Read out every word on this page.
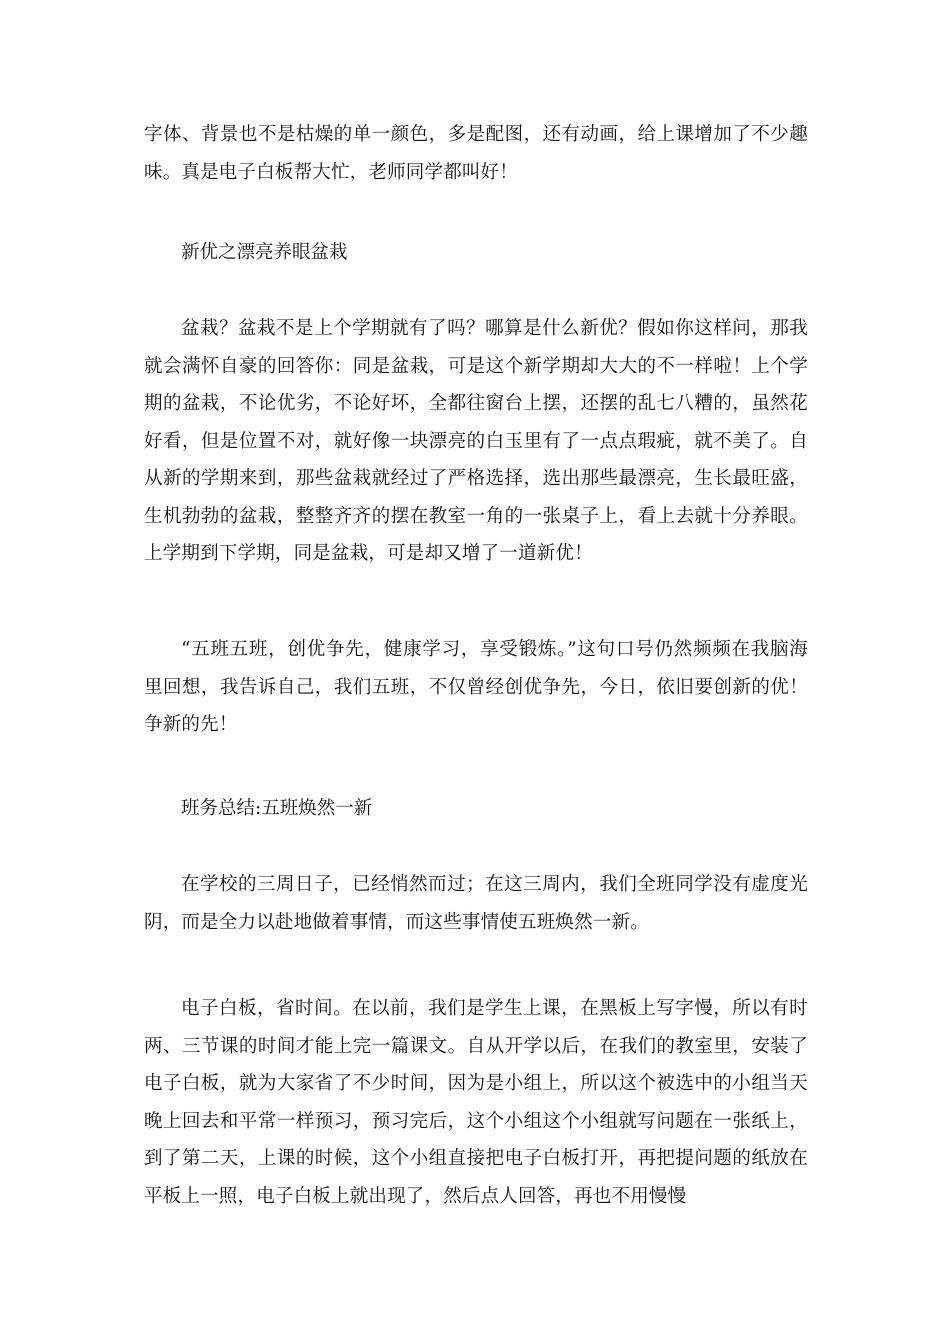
字体、背景也不是枯燥的单一颜色，多是配图，还有动画，给上课增加了不少趣味。真是电子白板帮大忙，老师同学都叫好！

新优之漂亮养眼盆栽

盆栽？盆栽不是上个学期就有了吗？哪算是什么新优？假如你这样问，那我就会满怀自豪的回答你：同是盆栽，可是这个新学期却大大的不一样啦！上个学期的盆栽，不论优劣，不论好坏，全都往窗台上摆，还摆的乱七八糟的，虽然花好看，但是位置不对，就好像一块漂亮的白玉里有了一点点瑕疵，就不美了。自从新的学期来到，那些盆栽就经过了严格选择，选出那些最漂亮，生长最旺盛，生机勃勃的盆栽，整整齐齐的摆在教室一角的一张桌子上，看上去就十分养眼。上学期到下学期，同是盆栽，可是却又增了一道新优！

“五班五班，创优争先，健康学习，享受锻炼。”这句口号仍然频频在我脑海里回想，我告诉自己，我们五班，不仅曾经创优争先，今日，依旧要创新的优！争新的先！

班务总结:五班焕然一新

在学校的三周日子，已经悄然而过；在这三周内，我们全班同学没有虚度光阴，而是全力以赴地做着事情，而这些事情使五班焕然一新。

电子白板，省时间。在以前，我们是学生上课，在黑板上写字慢，所以有时两、三节课的时间才能上完一篇课文。自从开学以后，在我们的教室里，安装了电子白板，就为大家省了不少时间，因为是小组上，所以这个被选中的小组当天晚上回去和平常一样预习，预习完后，这个小组这个小组就写问题在一张纸上，到了第二天，上课的时候，这个小组直接把电子白板打开，再把提问题的纸放在平板上一照，电子白板上就出现了，然后点人回答，再也不用慢慢
